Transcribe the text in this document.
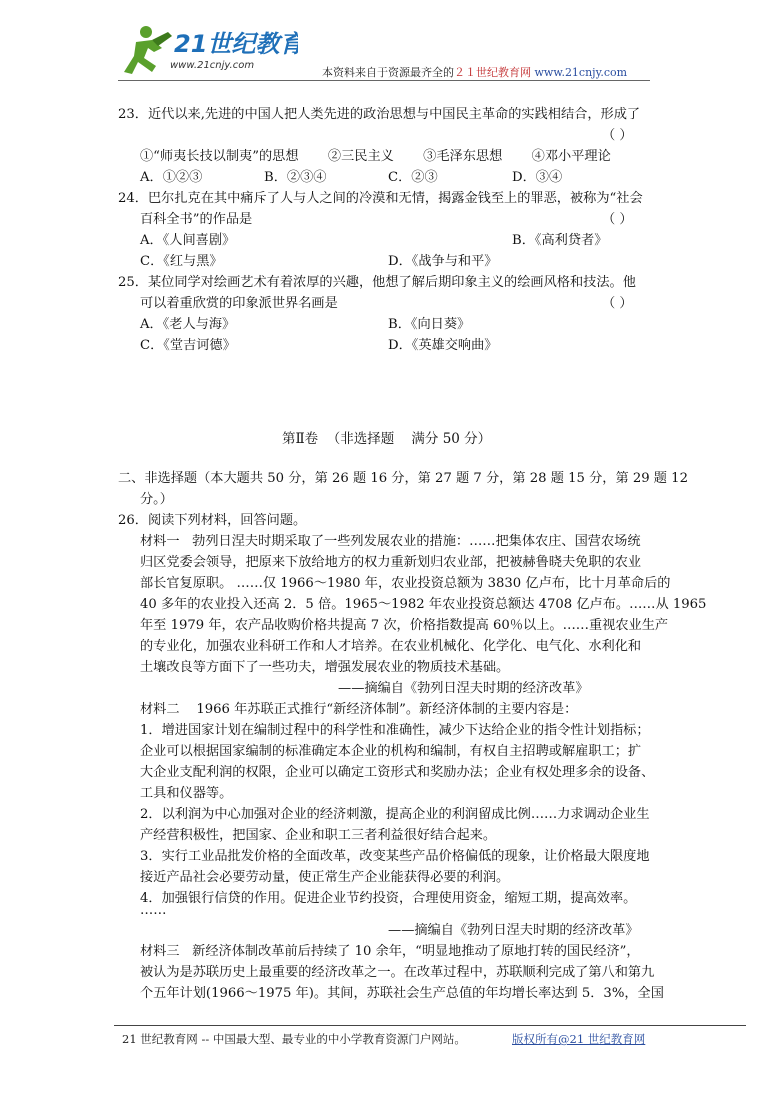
21世纪教育
www.21cnjy.com
本资料来自于资源最齐全的２１世纪教育网 www.21cnjy.com
23．近代以来,先进的中国人把人类先进的政治思想与中国民主革命的实践相结合，形成了
（ ）
①“师夷长技以制夷”的思想       ②三民主义       ③毛泽东思想       ④邓小平理论
A．①②③	B．②③④	C．②③	D．③④
24．巴尔扎克在其中痛斥了人与人之间的冷漠和无情，揭露金钱至上的罪恶，被称为“社会
百科全书”的作品是	（ ）
A．《人间喜剧》	B．《高利贷者》
C．《红与黑》	D．《战争与和平》
25．某位同学对绘画艺术有着浓厚的兴趣，他想了解后期印象主义的绘画风格和技法。他
可以着重欣赏的印象派世界名画是	（ ）
A．《老人与海》	B．《向日葵》
C．《堂吉诃德》	D．《英雄交响曲》
第Ⅱ卷  （非选择题    满分 50 分）
二、非选择题（本大题共 50 分，第 26 题 16 分，第 27 题 7 分，第 28 题 15 分，第 29 题 12
分。）
26．阅读下列材料，回答问题。
材料一   勃列日涅夫时期采取了一些列发展农业的措施：……把集体农庄、国营农场统
归区党委会领导，把原来下放给地方的权力重新划归农业部，把被赫鲁晓夫免职的农业
部长官复原职。 ……仅 1966～1980 年，农业投资总额为 3830 亿卢布，比十月革命后的
40 多年的农业投入还高 2．5 倍。1965～1982 年农业投资总额达 4708 亿卢布。……从 1965
年至 1979 年，农产品收购价格共提高 7 次，价格指数提高 60％以上。……重视农业生产
的专业化，加强农业科研工作和人才培养。在农业机械化、化学化、电气化、水利化和
土壤改良等方面下了一些功夫，增强发展农业的物质技术基础。
——摘编自《勃列日涅夫时期的经济改革》
材料二    1966 年苏联正式推行“新经济体制”。新经济体制的主要内容是：
1．增进国家计划在编制过程中的科学性和准确性，减少下达给企业的指令性计划指标；
企业可以根据国家编制的标准确定本企业的机构和编制，有权自主招聘或解雇职工；扩
大企业支配利润的权限，企业可以确定工资形式和奖励办法；企业有权处理多余的设备、
工具和仪器等。
2．以利润为中心加强对企业的经济刺激，提高企业的利润留成比例……力求调动企业生
产经营积极性，把国家、企业和职工三者利益很好结合起来。
3．实行工业品批发价格的全面改革，改变某些产品价格偏低的现象，让价格最大限度地
接近产品社会必要劳动量，使正常生产企业能获得必要的利润。
4．加强银行信贷的作用。促进企业节约投资，合理使用资金，缩短工期，提高效率。
……
——摘编自《勃列日涅夫时期的经济改革》
材料三   新经济体制改革前后持续了 10 余年，“明显地推动了原地打转的国民经济”，
被认为是苏联历史上最重要的经济改革之一。在改革过程中，苏联顺利完成了第八和第九
个五年计划(1966～1975 年)。其间，苏联社会生产总值的年均增长率达到 5．3%，全国
21 世纪教育网 -- 中国最大型、最专业的中小学教育资源门户网站。	版权所有@21 世纪教育网
